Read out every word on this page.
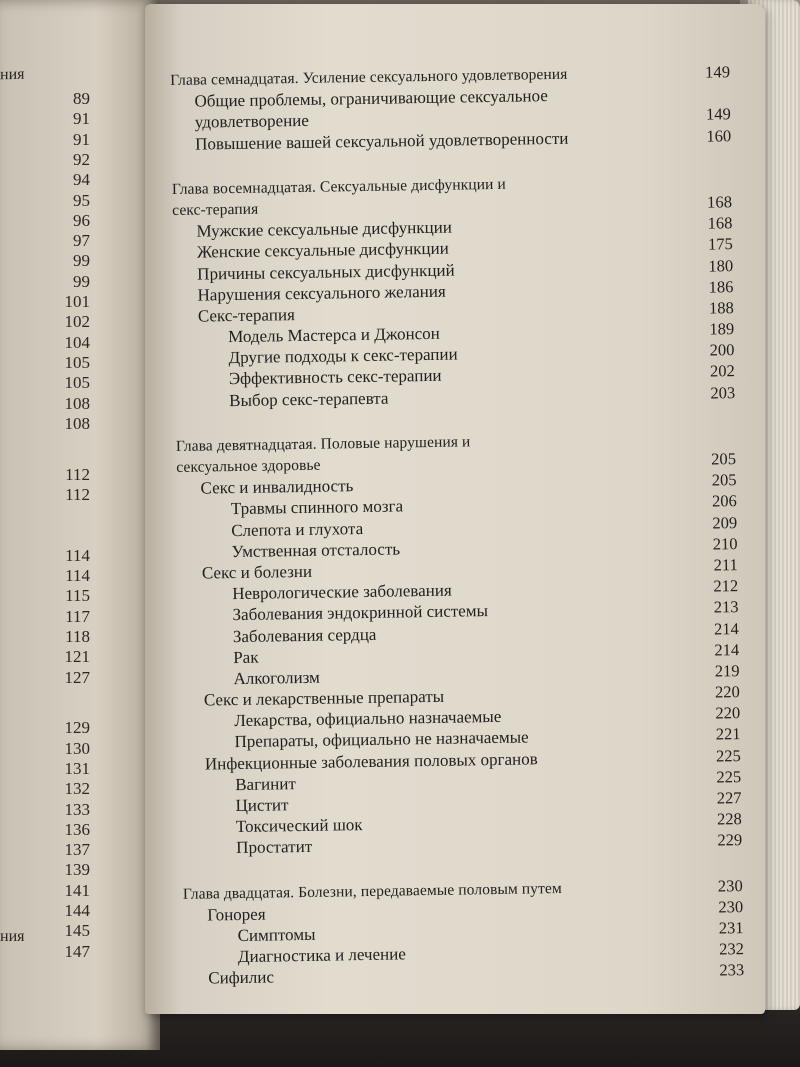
ния
89
91
91
92
94
95
96
97
99
99
101
102
104
105
105
108
108
112
112
114
114
115
117
118
121
127
129
130
131
132
133
136
137
139
141
144
145
147
ния
Глава семнадцатая. Усиление сексуального удовлетворения	149
Общие проблемы, ограничивающие сексуальное
удовлетворение	149
Повышение вашей сексуальной удовлетворенности	160
Глава восемнадцатая. Сексуальные дисфункции и
секс-терапия	168
Мужские сексуальные дисфункции	168
Женские сексуальные дисфункции	175
Причины сексуальных дисфункций	180
Нарушения сексуального желания	186
Секс-терапия	188
Модель Мастерса и Джонсон	189
Другие подходы к секс-терапии	200
Эффективность секс-терапии	202
Выбор секс-терапевта	203
Глава девятнадцатая. Половые нарушения и
сексуальное здоровье	205
Секс и инвалидность	205
Травмы спинного мозга	206
Слепота и глухота	209
Умственная отсталость	210
Секс и болезни	211
Неврологические заболевания	212
Заболевания эндокринной системы	213
Заболевания сердца	214
Рак	214
Алкоголизм	219
Секс и лекарственные препараты	220
Лекарства, официально назначаемые	220
Препараты, официально не назначаемые	221
Инфекционные заболевания половых органов	225
Вагинит	225
Цистит	227
Токсический шок	228
Простатит	229
Глава двадцатая. Болезни, передаваемые половым путем	230
Гонорея	230
Симптомы	231
Диагностика и лечение	232
Сифилис	233
